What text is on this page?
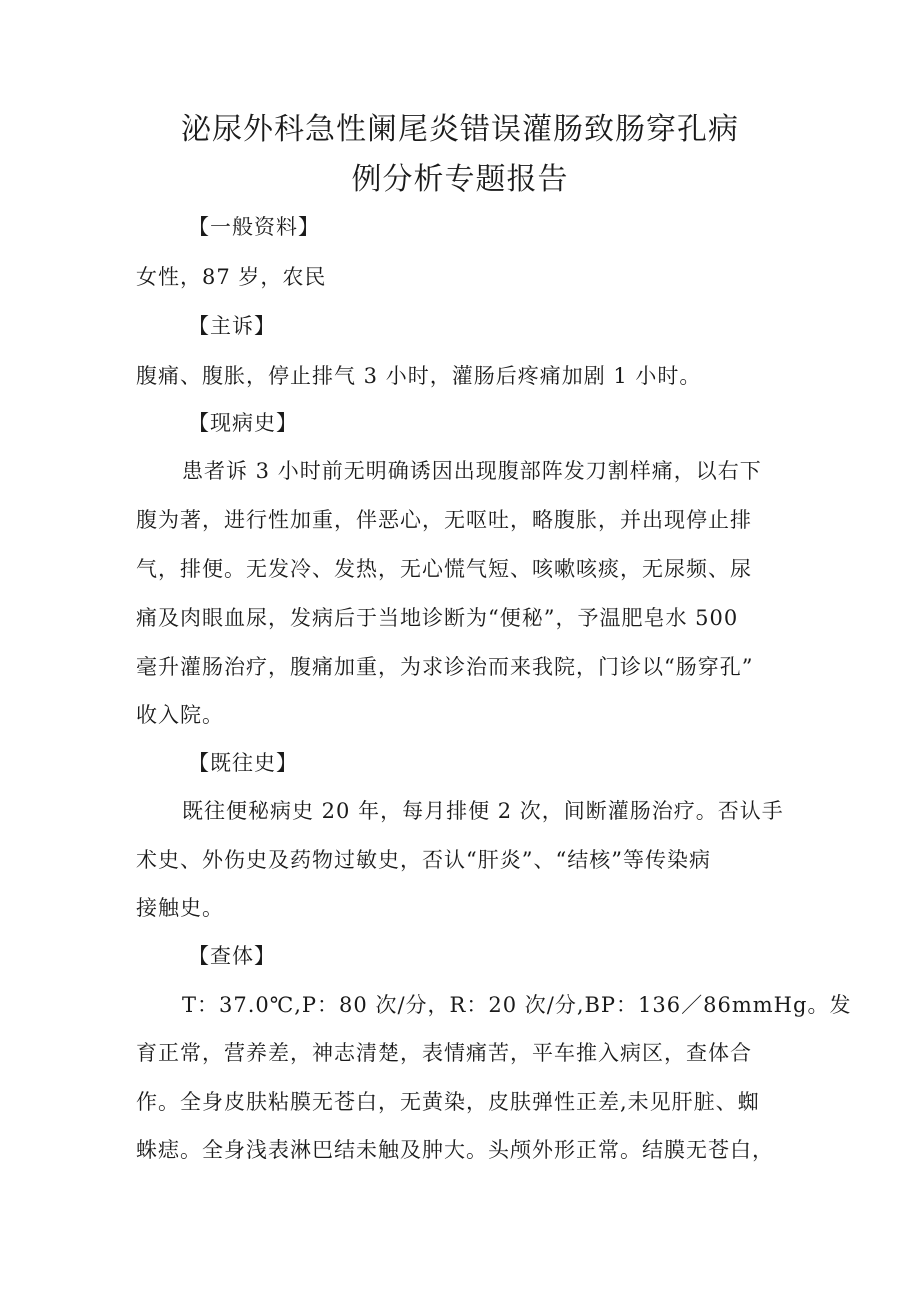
泌尿外科急性阑尾炎错误灌肠致肠穿孔病
例分析专题报告
【一般资料】
女性，87 岁，农民
【主诉】
腹痛、腹胀，停止排气 3 小时，灌肠后疼痛加剧 1 小时。
【现病史】
患者诉 3 小时前无明确诱因出现腹部阵发刀割样痛，以右下
腹为著，进行性加重，伴恶心，无呕吐，略腹胀，并出现停止排
气，排便。无发冷、发热，无心慌气短、咳嗽咳痰，无尿频、尿
痛及肉眼血尿，发病后于当地诊断为“便秘”，予温肥皂水 500
毫升灌肠治疗，腹痛加重，为求诊治而来我院，门诊以“肠穿孔”
收入院。
【既往史】
既往便秘病史 20 年，每月排便 2 次，间断灌肠治疗。否认手
术史、外伤史及药物过敏史，否认“肝炎”、“结核”等传染病
接触史。
【查体】
T：37.0℃,P：80 次/分，R：20 次/分,BP：136／86mmHg。发
育正常，营养差，神志清楚，表情痛苦，平车推入病区，查体合
作。全身皮肤粘膜无苍白，无黄染，皮肤弹性正差,未见肝脏、蜘
蛛痣。全身浅表淋巴结未触及肿大。头颅外形正常。结膜无苍白，
